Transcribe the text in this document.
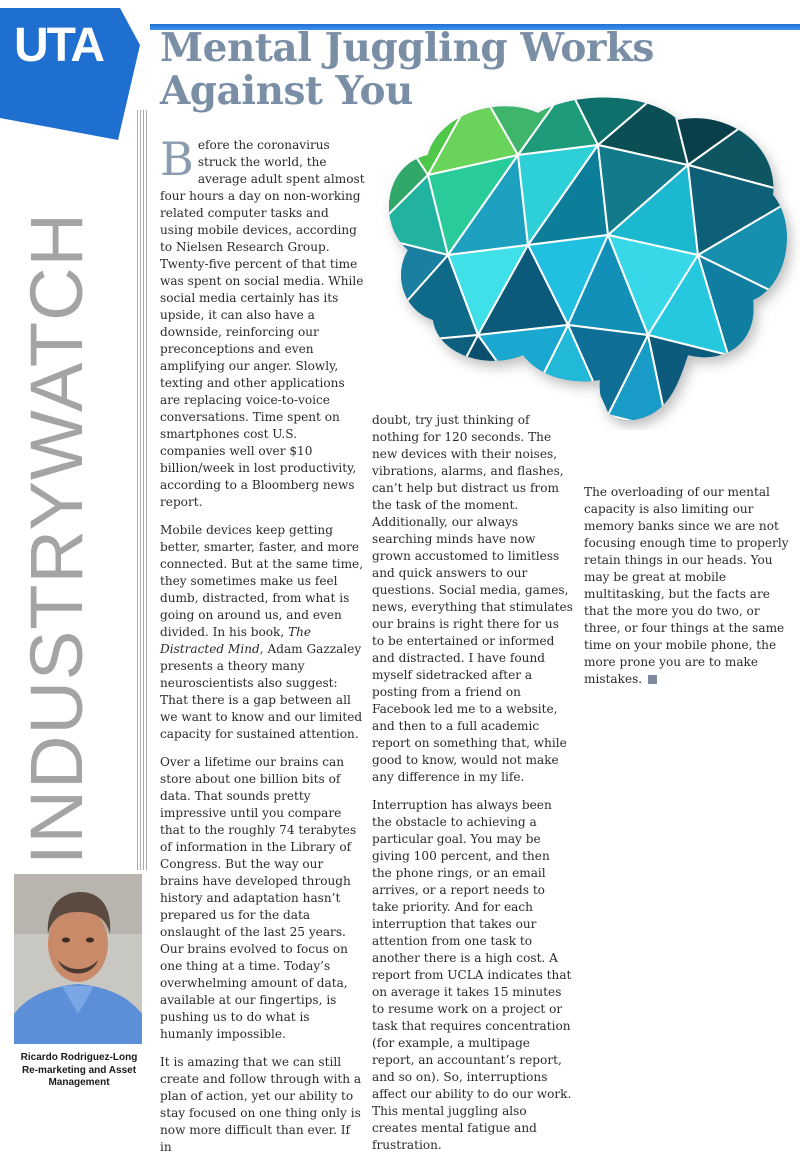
UTA
INDUSTRYWATCH
Mental Juggling Works Against You

Before the coronavirus struck the world, the average adult spent almost four hours a day on non-working related computer tasks and using mobile devices, according to Nielsen Research Group. Twenty-five percent of that time was spent on social media. While social media certainly has its upside, it can also have a downside, reinforcing our preconceptions and even amplifying our anger. Slowly, texting and other applications are replacing voice-to-voice conversations. Time spent on smartphones cost U.S. companies well over $10 billion/week in lost productivity, according to a Bloomberg news report.

Mobile devices keep getting better, smarter, faster, and more connected. But at the same time, they sometimes make us feel dumb, distracted, from what is going on around us, and even divided. In his book, The Distracted Mind, Adam Gazzaley presents a theory many neuroscientists also suggest: That there is a gap between all we want to know and our limited capacity for sustained attention.

Over a lifetime our brains can store about one billion bits of data. That sounds pretty impressive until you compare that to the roughly 74 terabytes of information in the Library of Congress. But the way our brains have developed through history and adaptation hasn’t prepared us for the data onslaught of the last 25 years. Our brains evolved to focus on one thing at a time. Today’s overwhelming amount of data, available at our fingertips, is pushing us to do what is humanly impossible.

It is amazing that we can still create and follow through with a plan of action, yet our ability to stay focused on one thing only is now more difficult than ever. If in

doubt, try just thinking of nothing for 120 seconds. The new devices with their noises, vibrations, alarms, and flashes, can’t help but distract us from the task of the moment. Additionally, our always searching minds have now grown accustomed to limitless and quick answers to our questions. Social media, games, news, everything that stimulates our brains is right there for us to be entertained or informed and distracted. I have found myself sidetracked after a posting from a friend on Facebook led me to a website, and then to a full academic report on something that, while good to know, would not make any difference in my life.

Interruption has always been the obstacle to achieving a particular goal. You may be giving 100 percent, and then the phone rings, or an email arrives, or a report needs to take priority. And for each interruption that takes our attention from one task to another there is a high cost. A report from UCLA indicates that on average it takes 15 minutes to resume work on a project or task that requires concentration (for example, a multipage report, an accountant’s report, and so on). So, interruptions affect our ability to do our work. This mental juggling also creates mental fatigue and frustration.

The overloading of our mental capacity is also limiting our memory banks since we are not focusing enough time to properly retain things in our heads. You may be great at mobile multitasking, but the facts are that the more you do two, or three, or four things at the same time on your mobile phone, the more prone you are to make mistakes.

Ricardo Rodriguez-Long
Re-marketing and Asset Management
